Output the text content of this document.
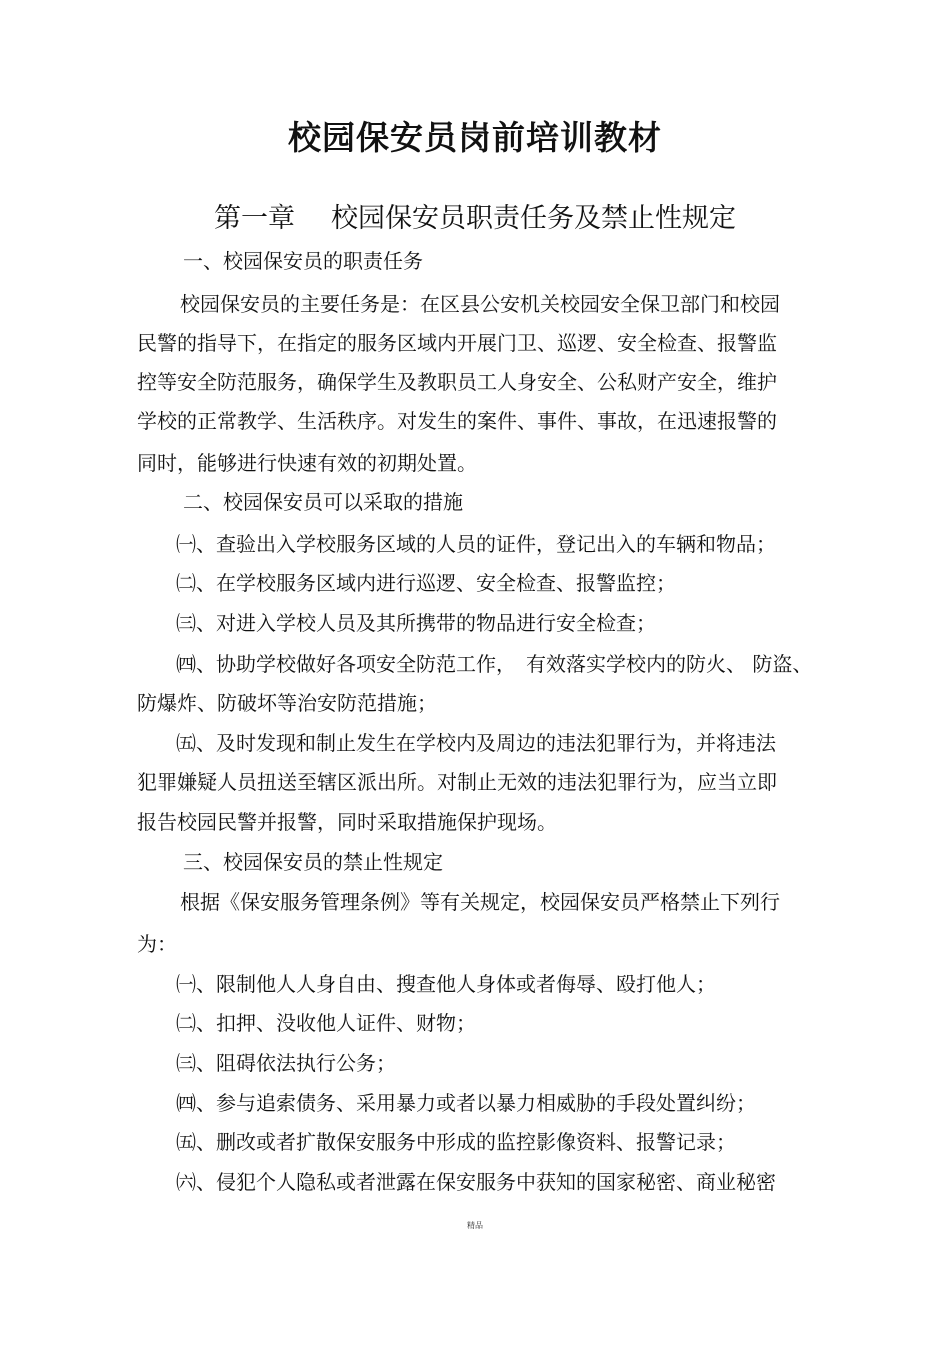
校园保安员岗前培训教材
第一章 校园保安员职责任务及禁止性规定
一、校园保安员的职责任务
校园保安员的主要任务是：在区县公安机关校园安全保卫部门和校园
民警的指导下，在指定的服务区域内开展门卫、巡逻、安全检查、报警监
控等安全防范服务，确保学生及教职员工人身安全、公私财产安全，维护
学校的正常教学、生活秩序。对发生的案件、事件、事故，在迅速报警的
同时，能够进行快速有效的初期处置。
二、校园保安员可以采取的措施
㈠、查验出入学校服务区域的人员的证件，登记出入的车辆和物品；
㈡、在学校服务区域内进行巡逻、安全检查、报警监控；
㈢、对进入学校人员及其所携带的物品进行安全检查；
㈣、协助学校做好各项安全防范工作，　有效落实学校内的防火、 防盗、
防爆炸、防破坏等治安防范措施；
㈤、及时发现和制止发生在学校内及周边的违法犯罪行为，并将违法
犯罪嫌疑人员扭送至辖区派出所。对制止无效的违法犯罪行为，应当立即
报告校园民警并报警，同时采取措施保护现场。
三、校园保安员的禁止性规定
根据《保安服务管理条例》等有关规定，校园保安员严格禁止下列行
为：
㈠、限制他人人身自由、搜查他人身体或者侮辱、殴打他人；
㈡、扣押、没收他人证件、财物；
㈢、阻碍依法执行公务；
㈣、参与追索债务、采用暴力或者以暴力相威胁的手段处置纠纷；
㈤、删改或者扩散保安服务中形成的监控影像资料、报警记录；
㈥、侵犯个人隐私或者泄露在保安服务中获知的国家秘密、商业秘密
精品
